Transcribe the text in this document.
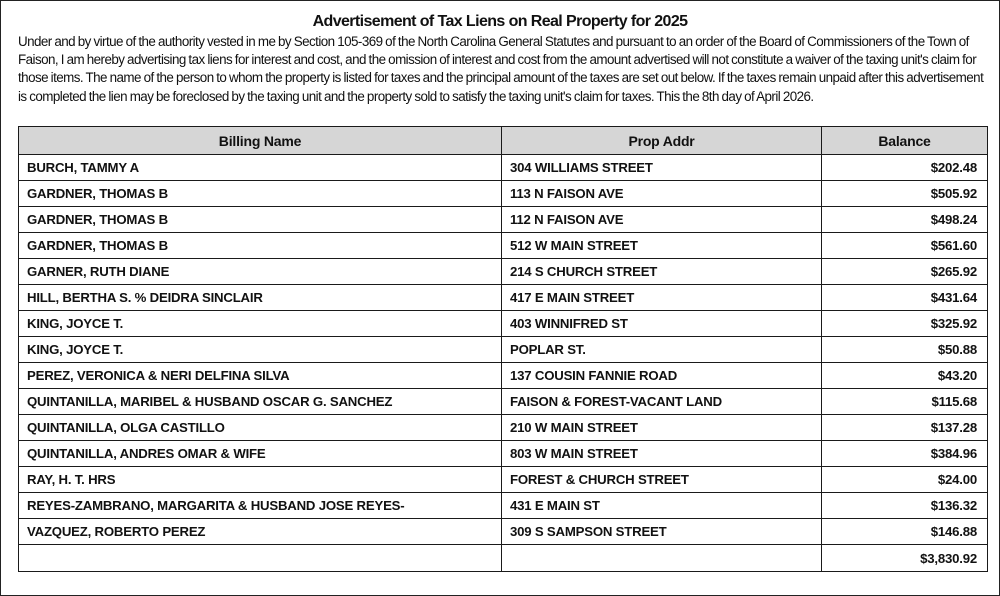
Advertisement of Tax Liens on Real Property for 2025
Under and by virtue of the authority vested in me by Section 105-369 of the North Carolina General Statutes and pursuant to an order of the Board of Commissioners of the Town of Faison, I am hereby advertising tax liens for interest and cost, and the omission of interest and cost from the amount advertised will not constitute a waiver of the taxing unit's claim for those items. The name of the person to whom the property is listed for taxes and the principal amount of the taxes are set out below. If the taxes remain unpaid after this advertisement is completed the lien may be foreclosed by the taxing unit and the property sold to satisfy the taxing unit's claim for taxes. This the 8th day of April 2026.
Billing Name	Prop Addr	Balance
BURCH, TAMMY A	304 WILLIAMS STREET	$202.48
GARDNER, THOMAS B	113 N FAISON AVE	$505.92
GARDNER, THOMAS B	112 N FAISON AVE	$498.24
GARDNER, THOMAS B	512 W MAIN STREET	$561.60
GARNER, RUTH DIANE	214 S CHURCH STREET	$265.92
HILL, BERTHA S. % DEIDRA SINCLAIR	417 E MAIN STREET	$431.64
KING, JOYCE T.	403 WINNIFRED ST	$325.92
KING, JOYCE T.	POPLAR ST.	$50.88
PEREZ, VERONICA & NERI DELFINA SILVA	137 COUSIN FANNIE ROAD	$43.20
QUINTANILLA, MARIBEL & HUSBAND OSCAR G. SANCHEZ	FAISON & FOREST-VACANT LAND	$115.68
QUINTANILLA, OLGA CASTILLO	210 W MAIN STREET	$137.28
QUINTANILLA, ANDRES OMAR & WIFE	803 W MAIN STREET	$384.96
RAY, H. T. HRS	FOREST & CHURCH STREET	$24.00
REYES-ZAMBRANO, MARGARITA & HUSBAND JOSE REYES-	431 E MAIN ST	$136.32
VAZQUEZ, ROBERTO PEREZ	309 S SAMPSON STREET	$146.88
		$3,830.92
